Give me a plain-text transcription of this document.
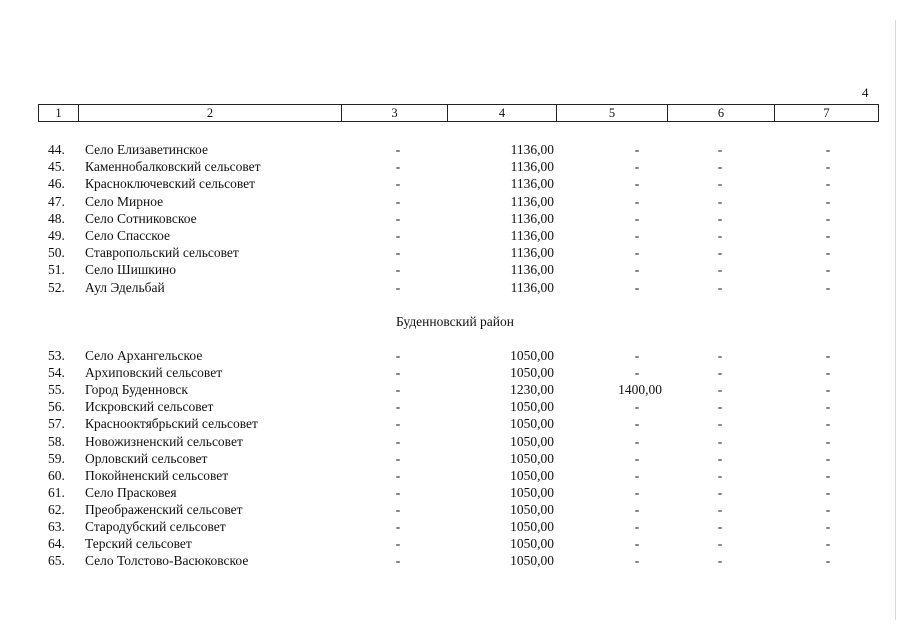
4
1	2	3	4	5	6	7
44.	Село Елизаветинское	-	1136,00	-	-	-
45.	Каменнобалковский сельсовет	-	1136,00	-	-	-
46.	Красноключевский сельсовет	-	1136,00	-	-	-
47.	Село Мирное	-	1136,00	-	-	-
48.	Село Сотниковское	-	1136,00	-	-	-
49.	Село Спасское	-	1136,00	-	-	-
50.	Ставропольский сельсовет	-	1136,00	-	-	-
51.	Село Шишкино	-	1136,00	-	-	-
52.	Аул Эдельбай	-	1136,00	-	-	-
Буденновский район
53.	Село Архангельское	-	1050,00	-	-	-
54.	Архиповский сельсовет	-	1050,00	-	-	-
55.	Город Буденновск	-	1230,00	1400,00	-	-
56.	Искровский сельсовет	-	1050,00	-	-	-
57.	Краснооктябрьский сельсовет	-	1050,00	-	-	-
58.	Новожизненский сельсовет	-	1050,00	-	-	-
59.	Орловский сельсовет	-	1050,00	-	-	-
60.	Покойненский сельсовет	-	1050,00	-	-	-
61.	Село Прасковея	-	1050,00	-	-	-
62.	Преображенский сельсовет	-	1050,00	-	-	-
63.	Стародубский сельсовет	-	1050,00	-	-	-
64.	Терский сельсовет	-	1050,00	-	-	-
65.	Село Толстово-Васюковское	-	1050,00	-	-	-
